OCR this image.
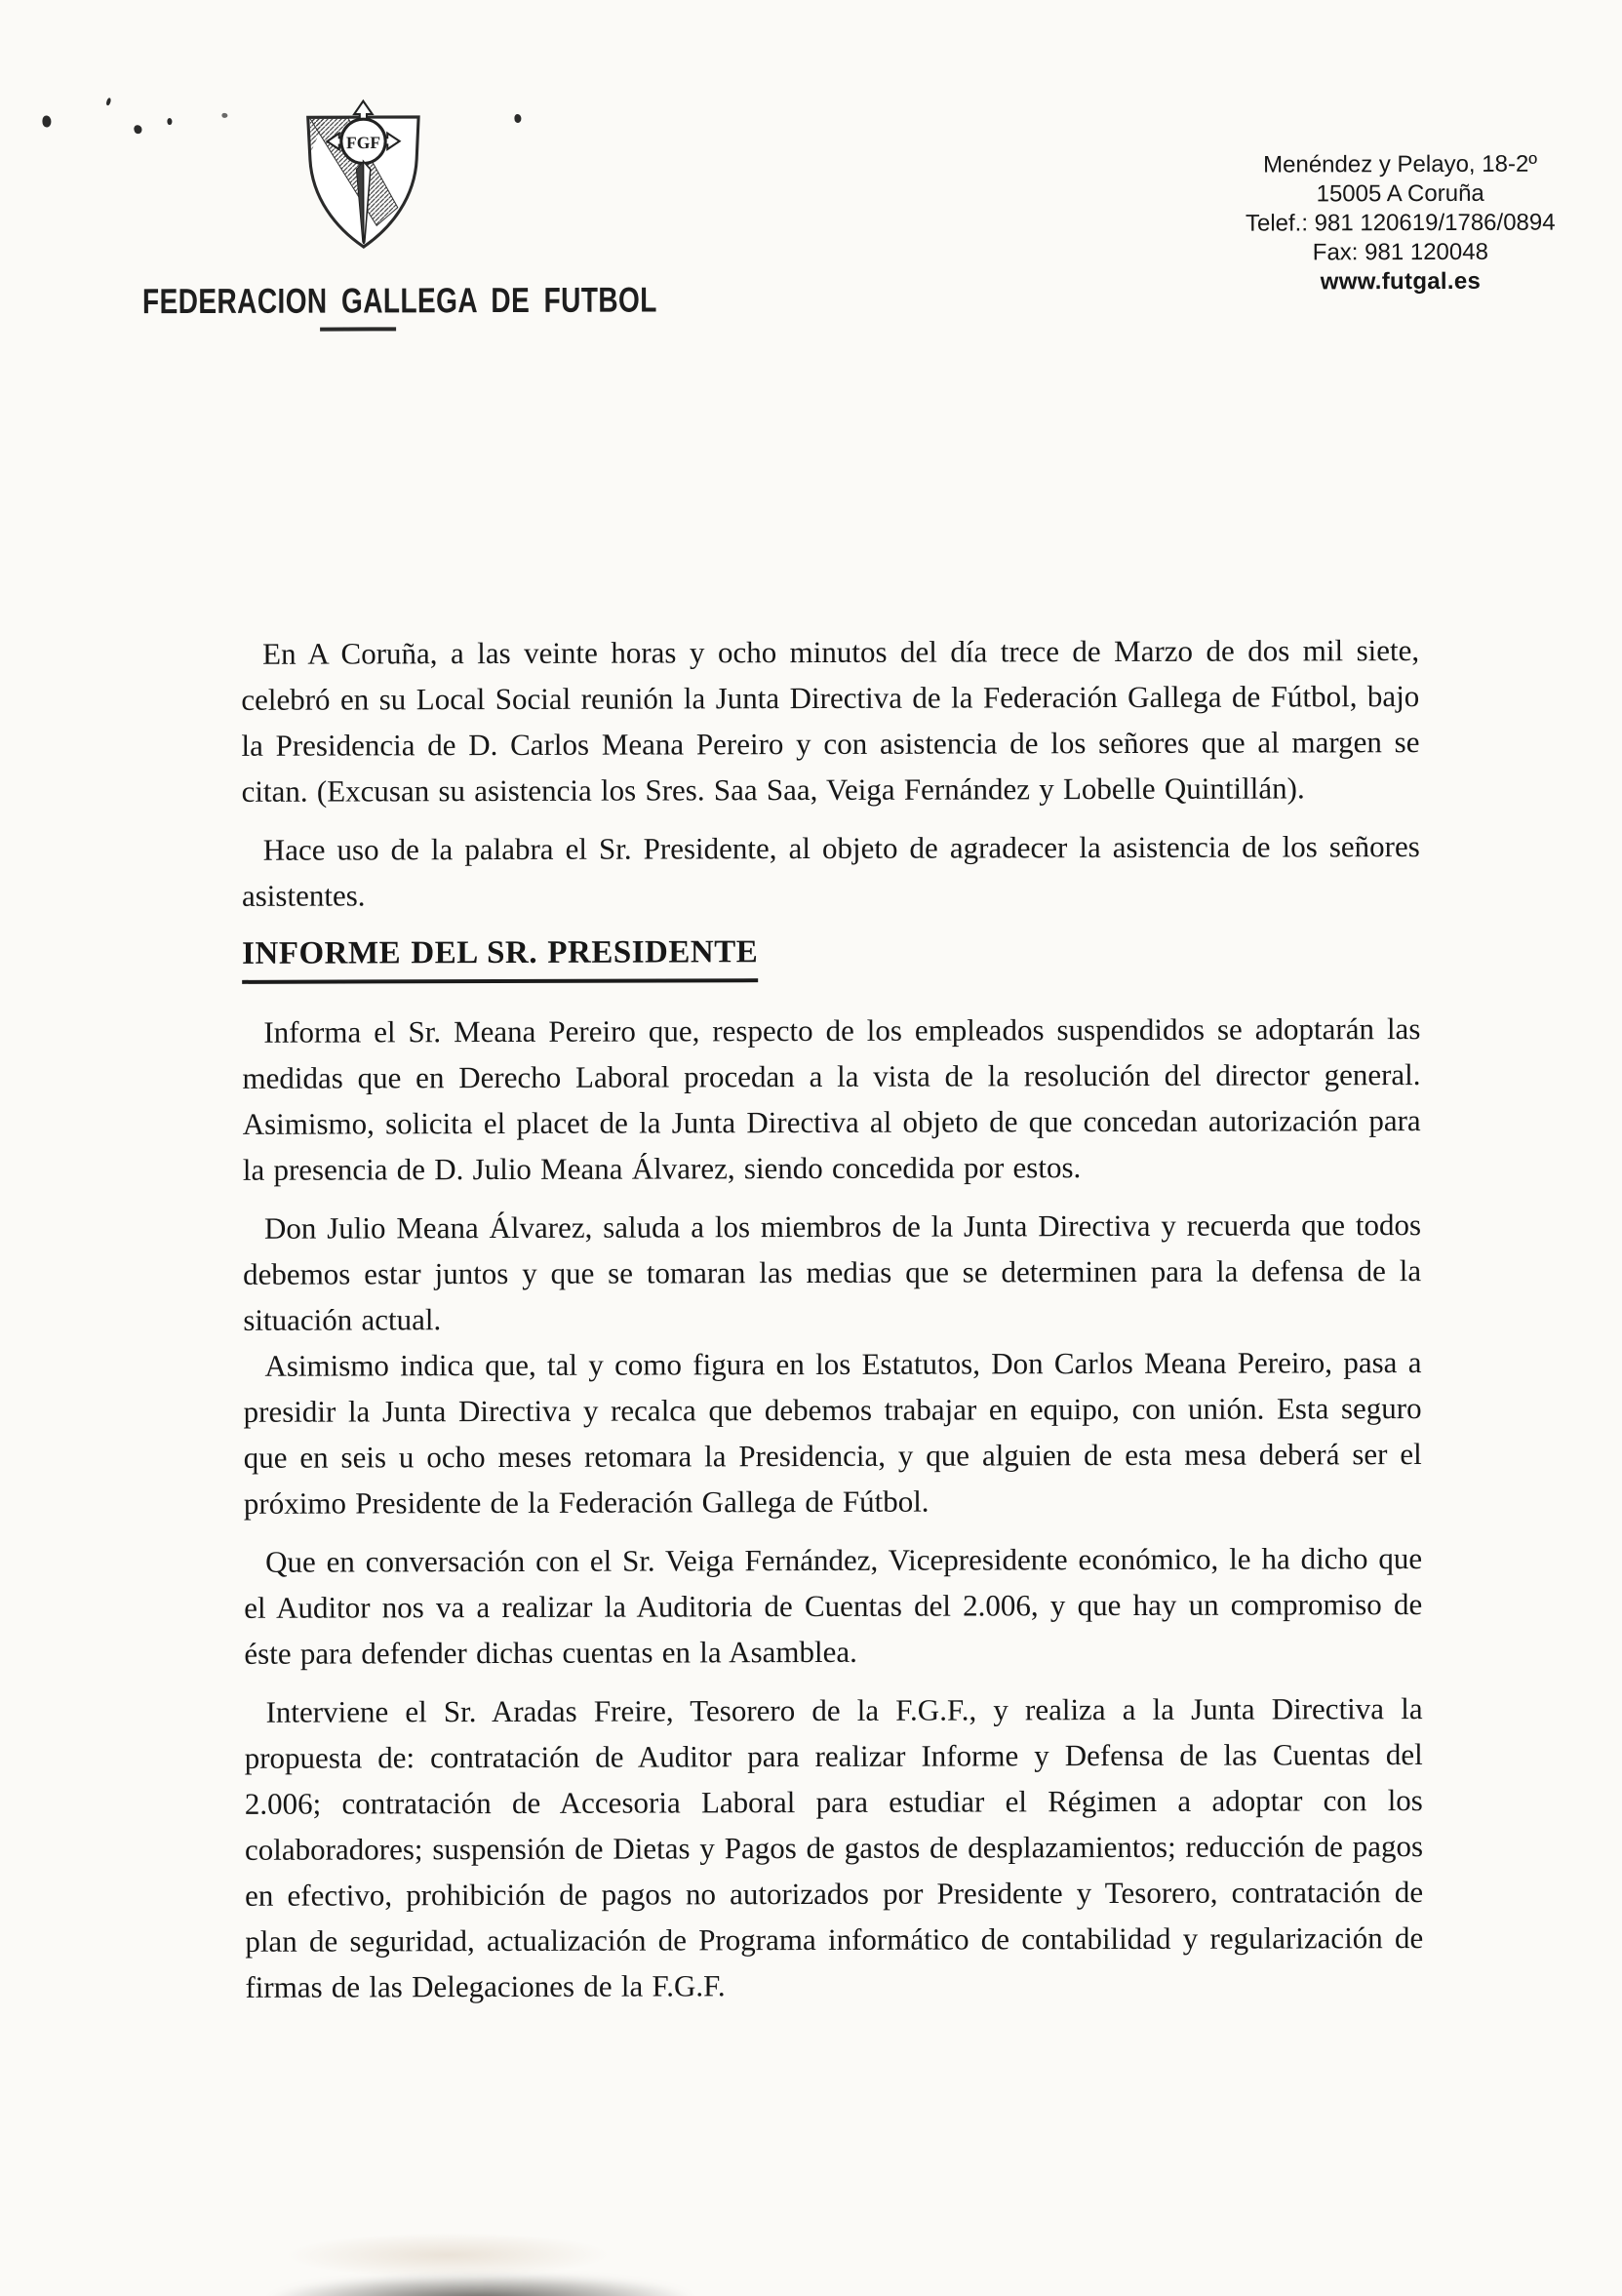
FGF
FEDERACION GALLEGA DE FUTBOL
Menéndez y Pelayo, 18-2º
15005 A Coruña
Telef.: 981 120619/1786/0894
Fax: 981 120048
www.futgal.es

En A Coruña, a las veinte horas y ocho minutos del día trece de Marzo de dos mil siete, celebró en su Local Social reunión la Junta Directiva de la Federación Gallega de Fútbol, bajo la Presidencia de D. Carlos Meana Pereiro y con asistencia de los señores que al margen se citan. (Excusan su asistencia los Sres. Saa Saa, Veiga Fernández y Lobelle Quintillán).

Hace uso de la palabra el Sr. Presidente, al objeto de agradecer la asistencia de los señores asistentes.

INFORME DEL SR. PRESIDENTE

Informa el Sr. Meana Pereiro que, respecto de los empleados suspendidos se adoptarán las medidas que en Derecho Laboral procedan a la vista de la resolución del director general. Asimismo, solicita el placet de la Junta Directiva al objeto de que concedan autorización para la presencia de D. Julio Meana Álvarez, siendo concedida por estos.

Don Julio Meana Álvarez, saluda a los miembros de la Junta Directiva y recuerda que todos debemos estar juntos y que se tomaran las medias que se determinen para la defensa de la situación actual.

Asimismo indica que, tal y como figura en los Estatutos, Don Carlos Meana Pereiro, pasa a presidir la Junta Directiva y recalca que debemos trabajar en equipo, con unión. Esta seguro que en seis u ocho meses retomara la Presidencia, y que alguien de esta mesa deberá ser el próximo Presidente de la Federación Gallega de Fútbol.

Que en conversación con el Sr. Veiga Fernández, Vicepresidente económico, le ha dicho que el Auditor nos va a realizar la Auditoria de Cuentas del 2.006, y que hay un compromiso de éste para defender dichas cuentas en la Asamblea.

Interviene el Sr. Aradas Freire, Tesorero de la F.G.F., y realiza a la Junta Directiva la propuesta de: contratación de Auditor para realizar Informe y Defensa de las Cuentas del 2.006; contratación de Accesoria Laboral para estudiar el Régimen a adoptar con los colaboradores; suspensión de Dietas y Pagos de gastos de desplazamientos; reducción de pagos en efectivo, prohibición de pagos no autorizados por Presidente y Tesorero, contratación de plan de seguridad, actualización de Programa informático de contabilidad y regularización de firmas de las Delegaciones de la F.G.F.
